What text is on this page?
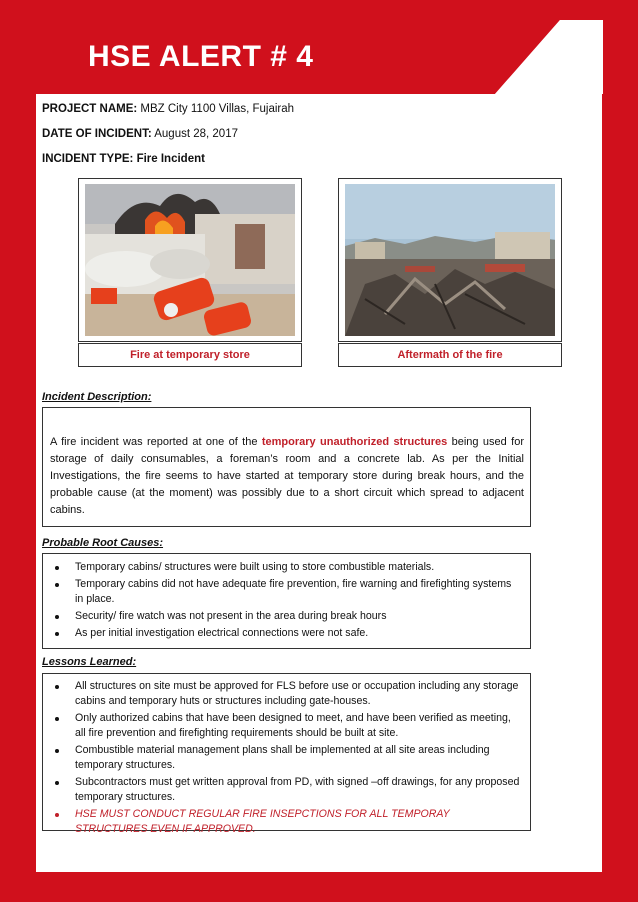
HSE ALERT # 4
PROJECT NAME: MBZ City 1100 Villas, Fujairah
DATE OF INCIDENT: August 28, 2017
INCIDENT TYPE: Fire Incident
Fire at temporary store	Aftermath of the fire
Incident Description:
A fire incident was reported at one of the temporary unauthorized structures being used for storage of daily consumables, a foreman’s room and a concrete lab. As per the Initial Investigations, the fire seems to have started at temporary store during break hours, and the probable cause (at the moment) was possibly due to a short circuit which spread to adjacent cabins.
Probable Root Causes:
Temporary cabins/ structures were built using to store combustible materials.
Temporary cabins did not have adequate fire prevention, fire warning and firefighting systems in place.
Security/ fire watch was not present in the area during break hours
As per initial investigation electrical connections were not safe.
Lessons Learned:
All structures on site must be approved for FLS before use or occupation including any storage cabins and temporary huts or structures including gate-houses.
Only authorized cabins that have been designed to meet, and have been verified as meeting, all fire prevention and firefighting requirements should be built at site.
Combustible material management plans shall be implemented at all site areas including temporary structures.
Subcontractors must get written approval from PD, with signed –off drawings, for any proposed temporary structures.
HSE MUST CONDUCT REGULAR FIRE INSEPCTIONS FOR ALL TEMPORAY STRUCTURES EVEN IF APPROVED.
